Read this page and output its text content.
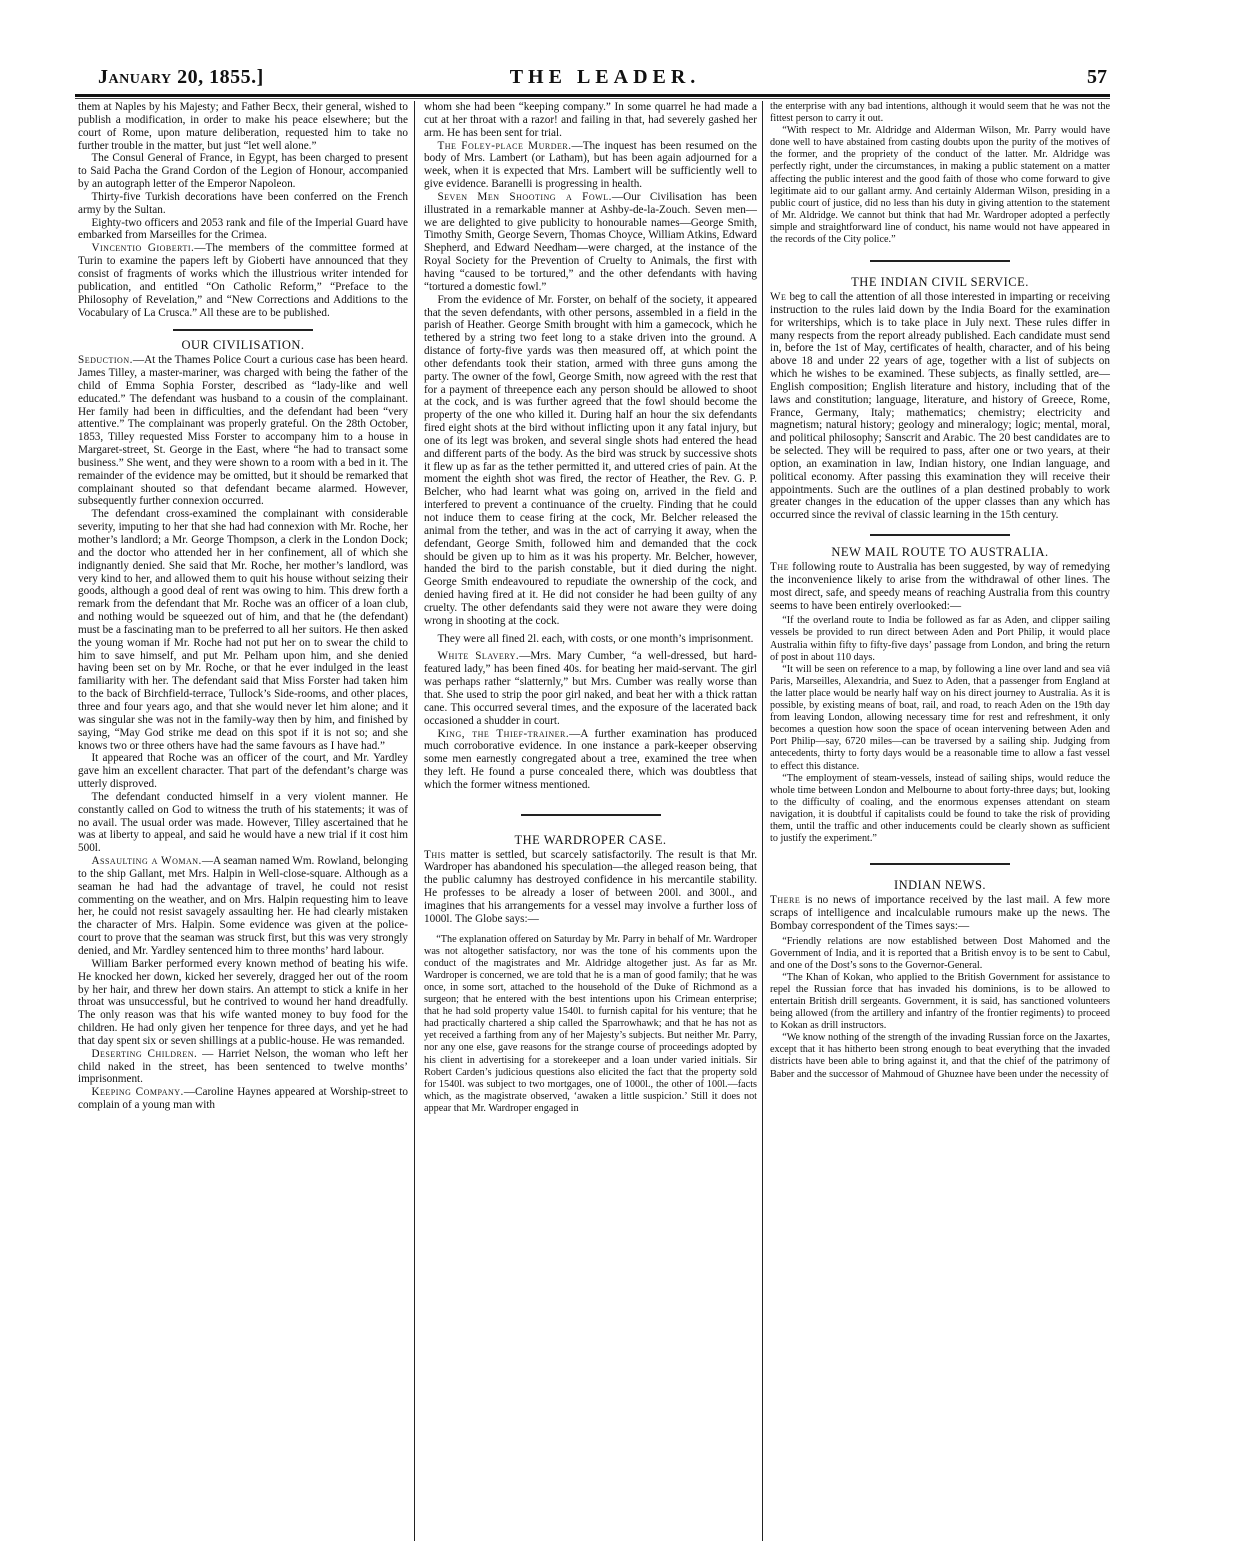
January 20, 1855.]	THE LEADER.	57

them at Naples by his Majesty; and Father Becx, their general, wished to publish a modification, in order to make his peace elsewhere; but the court of Rome, upon mature deliberation, requested him to take no further trouble in the matter, but just “let well alone.”

The Consul General of France, in Egypt, has been charged to present to Said Pacha the Grand Cordon of the Legion of Honour, accompanied by an autograph letter of the Emperor Napoleon.

Thirty-five Turkish decorations have been conferred on the French army by the Sultan.

Eighty-two officers and 2053 rank and file of the Imperial Guard have embarked from Marseilles for the Crimea.

Vincentio Gioberti.—The members of the committee formed at Turin to examine the papers left by Gioberti have announced that they consist of fragments of works which the illustrious writer intended for publication, and entitled “On Catholic Reform,” “Preface to the Philosophy of Revelation,” and “New Corrections and Additions to the Vocabulary of La Crusca.” All these are to be published.

OUR CIVILISATION.

Seduction.—At the Thames Police Court a curious case has been heard. James Tilley, a master-mariner, was charged with being the father of the child of Emma Sophia Forster, described as “lady-like and well educated.” The defendant was husband to a cousin of the complainant. Her family had been in difficulties, and the defendant had been “very attentive.” The complainant was properly grateful. On the 28th October, 1853, Tilley requested Miss Forster to accompany him to a house in Margaret-street, St. George in the East, where “he had to transact some business.” She went, and they were shown to a room with a bed in it. The remainder of the evidence may be omitted, but it should be remarked that complainant shouted so that defendant became alarmed. However, subsequently further connexion occurred.

The defendant cross-examined the complainant with considerable severity, imputing to her that she had had connexion with Mr. Roche, her mother’s landlord; a Mr. George Thompson, a clerk in the London Dock; and the doctor who attended her in her confinement, all of which she indignantly denied. She said that Mr. Roche, her mother’s landlord, was very kind to her, and allowed them to quit his house without seizing their goods, although a good deal of rent was owing to him. This drew forth a remark from the defendant that Mr. Roche was an officer of a loan club, and nothing would be squeezed out of him, and that he (the defendant) must be a fascinating man to be preferred to all her suitors. He then asked the young woman if Mr. Roche had not put her on to swear the child to him to save himself, and put Mr. Pelham upon him, and she denied having been set on by Mr. Roche, or that he ever indulged in the least familiarity with her. The defendant said that Miss Forster had taken him to the back of Birchfield-terrace, Tullock’s Side-rooms, and other places, three and four years ago, and that she would never let him alone; and it was singular she was not in the family-way then by him, and finished by saying, “May God strike me dead on this spot if it is not so; and she knows two or three others have had the same favours as I have had.”

It appeared that Roche was an officer of the court, and Mr. Yardley gave him an excellent character. That part of the defendant’s charge was utterly disproved.

The defendant conducted himself in a very violent manner. He constantly called on God to witness the truth of his statements; it was of no avail. The usual order was made. However, Tilley ascertained that he was at liberty to appeal, and said he would have a new trial if it cost him 500l.

Assaulting a Woman.—A seaman named Wm. Rowland, belonging to the ship Gallant, met Mrs. Halpin in Well-close-square. Although as a seaman he had had the advantage of travel, he could not resist commenting on the weather, and on Mrs. Halpin requesting him to leave her, he could not resist savagely assaulting her. He had clearly mistaken the character of Mrs. Halpin. Some evidence was given at the police-court to prove that the seaman was struck first, but this was very strongly denied, and Mr. Yardley sentenced him to three months’ hard labour.

William Barker performed every known method of beating his wife. He knocked her down, kicked her severely, dragged her out of the room by her hair, and threw her down stairs. An attempt to stick a knife in her throat was unsuccessful, but he contrived to wound her hand dreadfully. The only reason was that his wife wanted money to buy food for the children. He had only given her tenpence for three days, and yet he had that day spent six or seven shillings at a public-house. He was remanded.

Deserting Children. — Harriet Nelson, the woman who left her child naked in the street, has been sentenced to twelve months’ imprisonment.

Keeping Company.—Caroline Haynes appeared at Worship-street to complain of a young man with

whom she had been “keeping company.” In some quarrel he had made a cut at her throat with a razor! and failing in that, had severely gashed her arm. He has been sent for trial.

The Foley-place Murder.—The inquest has been resumed on the body of Mrs. Lambert (or Latham), but has been again adjourned for a week, when it is expected that Mrs. Lambert will be sufficiently well to give evidence. Baranelli is progressing in health.

Seven Men Shooting a Fowl.—Our Civilisation has been illustrated in a remarkable manner at Ashby-de-la-Zouch. Seven men—we are delighted to give publicity to honourable names—George Smith, Timothy Smith, George Severn, Thomas Choyce, William Atkins, Edward Shepherd, and Edward Needham—were charged, at the instance of the Royal Society for the Prevention of Cruelty to Animals, the first with having “caused to be tortured,” and the other defendants with having “tortured a domestic fowl.”

From the evidence of Mr. Forster, on behalf of the society, it appeared that the seven defendants, with other persons, assembled in a field in the parish of Heather. George Smith brought with him a gamecock, which he tethered by a string two feet long to a stake driven into the ground. A distance of forty-five yards was then measured off, at which point the other defendants took their station, armed with three guns among the party. The owner of the fowl, George Smith, now agreed with the rest that for a payment of threepence each any person should be allowed to shoot at the cock, and is was further agreed that the fowl should become the property of the one who killed it. During half an hour the six defendants fired eight shots at the bird without inflicting upon it any fatal injury, but one of its legt was broken, and several single shots had entered the head and different parts of the body. As the bird was struck by successive shots it flew up as far as the tether permitted it, and uttered cries of pain. At the moment the eighth shot was fired, the rector of Heather, the Rev. G. P. Belcher, who had learnt what was going on, arrived in the field and interfered to prevent a continuance of the cruelty. Finding that he could not induce them to cease firing at the cock, Mr. Belcher released the animal from the tether, and was in the act of carrying it away, when the defendant, George Smith, followed him and demanded that the cock should be given up to him as it was his property. Mr. Belcher, however, handed the bird to the parish constable, but it died during the night. George Smith endeavoured to repudiate the ownership of the cock, and denied having fired at it. He did not consider he had been guilty of any cruelty. The other defendants said they were not aware they were doing wrong in shooting at the cock.

They were all fined 2l. each, with costs, or one month’s imprisonment.

White Slavery.—Mrs. Mary Cumber, “a well-dressed, but hard-featured lady,” has been fined 40s. for beating her maid-servant. The girl was perhaps rather “slatternly,” but Mrs. Cumber was really worse than that. She used to strip the poor girl naked, and beat her with a thick rattan cane. This occurred several times, and the exposure of the lacerated back occasioned a shudder in court.

King, the Thief-trainer.—A further examination has produced much corroborative evidence. In one instance a park-keeper observing some men earnestly congregated about a tree, examined the tree when they left. He found a purse concealed there, which was doubtless that which the former witness mentioned.

THE WARDROPER CASE.

This matter is settled, but scarcely satisfactorily. The result is that Mr. Wardroper has abandoned his speculation—the alleged reason being, that the public calumny has destroyed confidence in his mercantile stability. He professes to be already a loser of between 200l. and 300l., and imagines that his arrangements for a vessel may involve a further loss of 1000l. The Globe says:—

“The explanation offered on Saturday by Mr. Parry in behalf of Mr. Wardroper was not altogether satisfactory, nor was the tone of his comments upon the conduct of the magistrates and Mr. Aldridge altogether just. As far as Mr. Wardroper is concerned, we are told that he is a man of good family; that he was once, in some sort, attached to the household of the Duke of Richmond as a surgeon; that he entered with the best intentions upon his Crimean enterprise; that he had sold property value 1540l. to furnish capital for his venture; that he had practically chartered a ship called the Sparrowhawk; and that he has not as yet received a farthing from any of her Majesty’s subjects. But neither Mr. Parry, nor any one else, gave reasons for the strange course of proceedings adopted by his client in advertising for a storekeeper and a loan under varied initials. Sir Robert Carden’s judicious questions also elicited the fact that the property sold for 1540l. was subject to two mortgages, one of 1000l., the other of 100l.—facts which, as the magistrate observed, ‘awaken a little suspicion.’ Still it does not appear that Mr. Wardroper engaged in

the enterprise with any bad intentions, although it would seem that he was not the fittest person to carry it out.

“With respect to Mr. Aldridge and Alderman Wilson, Mr. Parry would have done well to have abstained from casting doubts upon the purity of the motives of the former, and the propriety of the conduct of the latter. Mr. Aldridge was perfectly right, under the circumstances, in making a public statement on a matter affecting the public interest and the good faith of those who come forward to give legitimate aid to our gallant army. And certainly Alderman Wilson, presiding in a public court of justice, did no less than his duty in giving attention to the statement of Mr. Aldridge. We cannot but think that had Mr. Wardroper adopted a perfectly simple and straightforward line of conduct, his name would not have appeared in the records of the City police.”

THE INDIAN CIVIL SERVICE.

We beg to call the attention of all those interested in imparting or receiving instruction to the rules laid down by the India Board for the examination for writerships, which is to take place in July next. These rules differ in many respects from the report already published. Each candidate must send in, before the 1st of May, certificates of health, character, and of his being above 18 and under 22 years of age, together with a list of subjects on which he wishes to be examined. These subjects, as finally settled, are—English composition; English literature and history, including that of the laws and constitution; language, literature, and history of Greece, Rome, France, Germany, Italy; mathematics; chemistry; electricity and magnetism; natural history; geology and mineralogy; logic; mental, moral, and political philosophy; Sanscrit and Arabic. The 20 best candidates are to be selected. They will be required to pass, after one or two years, at their option, an examination in law, Indian history, one Indian language, and political economy. After passing this examination they will receive their appointments. Such are the outlines of a plan destined probably to work greater changes in the education of the upper classes than any which has occurred since the revival of classic learning in the 15th century.

NEW MAIL ROUTE TO AUSTRALIA.

The following route to Australia has been suggested, by way of remedying the inconvenience likely to arise from the withdrawal of other lines. The most direct, safe, and speedy means of reaching Australia from this country seems to have been entirely overlooked:—

“If the overland route to India be followed as far as Aden, and clipper sailing vessels be provided to run direct between Aden and Port Philip, it would place Australia within fifty to fifty-five days’ passage from London, and bring the return of post in about 110 days.

“It will be seen on reference to a map, by following a line over land and sea viâ Paris, Marseilles, Alexandria, and Suez to Aden, that a passenger from England at the latter place would be nearly half way on his direct journey to Australia. As it is possible, by existing means of boat, rail, and road, to reach Aden on the 19th day from leaving London, allowing necessary time for rest and refreshment, it only becomes a question how soon the space of ocean intervening between Aden and Port Philip—say, 6720 miles—can be traversed by a sailing ship. Judging from antecedents, thirty to forty days would be a reasonable time to allow a fast vessel to effect this distance.

“The employment of steam-vessels, instead of sailing ships, would reduce the whole time between London and Melbourne to about forty-three days; but, looking to the difficulty of coaling, and the enormous expenses attendant on steam navigation, it is doubtful if capitalists could be found to take the risk of providing them, until the traffic and other inducements could be clearly shown as sufficient to justify the experiment.”

INDIAN NEWS.

There is no news of importance received by the last mail. A few more scraps of intelligence and incalculable rumours make up the news. The Bombay correspondent of the Times says:—

“Friendly relations are now established between Dost Mahomed and the Government of India, and it is reported that a British envoy is to be sent to Cabul, and one of the Dost’s sons to the Governor-General.

“The Khan of Kokan, who applied to the British Government for assistance to repel the Russian force that has invaded his dominions, is to be allowed to entertain British drill sergeants. Government, it is said, has sanctioned volunteers being allowed (from the artillery and infantry of the frontier regiments) to proceed to Kokan as drill instructors.

“We know nothing of the strength of the invading Russian force on the Jaxartes, except that it has hitherto been strong enough to beat everything that the invaded districts have been able to bring against it, and that the chief of the patrimony of Baber and the successor of Mahmoud of Ghuznee have been under the necessity of
